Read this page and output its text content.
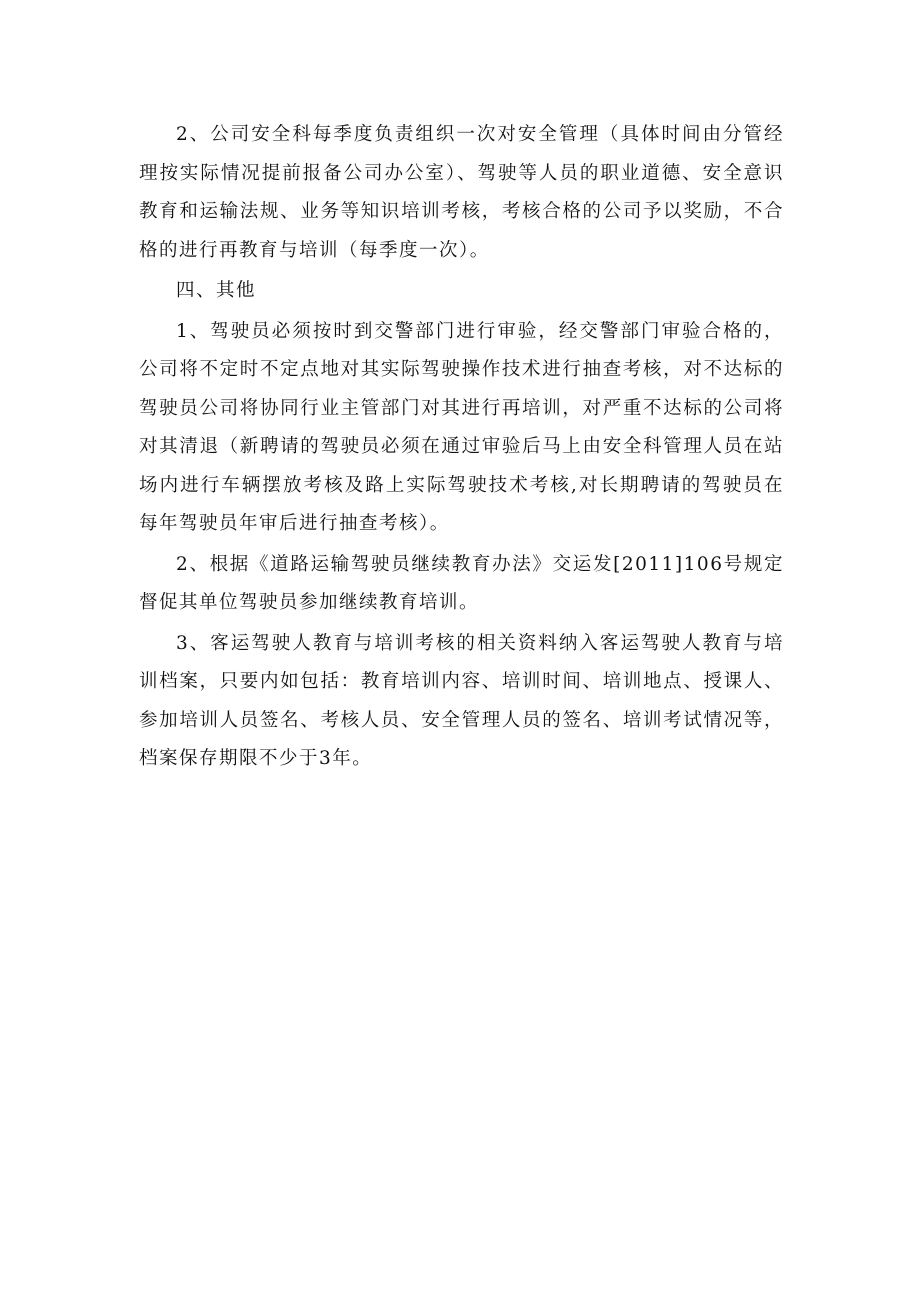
2、公司安全科每季度负责组织一次对安全管理（具体时间由分管经理按实际情况提前报备公司办公室）、驾驶等人员的职业道德、安全意识教育和运输法规、业务等知识培训考核，考核合格的公司予以奖励，不合格的进行再教育与培训（每季度一次）。

四、其他

1、驾驶员必须按时到交警部门进行审验，经交警部门审验合格的，公司将不定时不定点地对其实际驾驶操作技术进行抽查考核，对不达标的驾驶员公司将协同行业主管部门对其进行再培训，对严重不达标的公司将对其清退（新聘请的驾驶员必须在通过审验后马上由安全科管理人员在站场内进行车辆摆放考核及路上实际驾驶技术考核,对长期聘请的驾驶员在每年驾驶员年审后进行抽查考核）。

2、根据《道路运输驾驶员继续教育办法》交运发[2011]106号规定督促其单位驾驶员参加继续教育培训。

3、客运驾驶人教育与培训考核的相关资料纳入客运驾驶人教育与培训档案，只要内如包括：教育培训内容、培训时间、培训地点、授课人、参加培训人员签名、考核人员、安全管理人员的签名、培训考试情况等，档案保存期限不少于3年。
